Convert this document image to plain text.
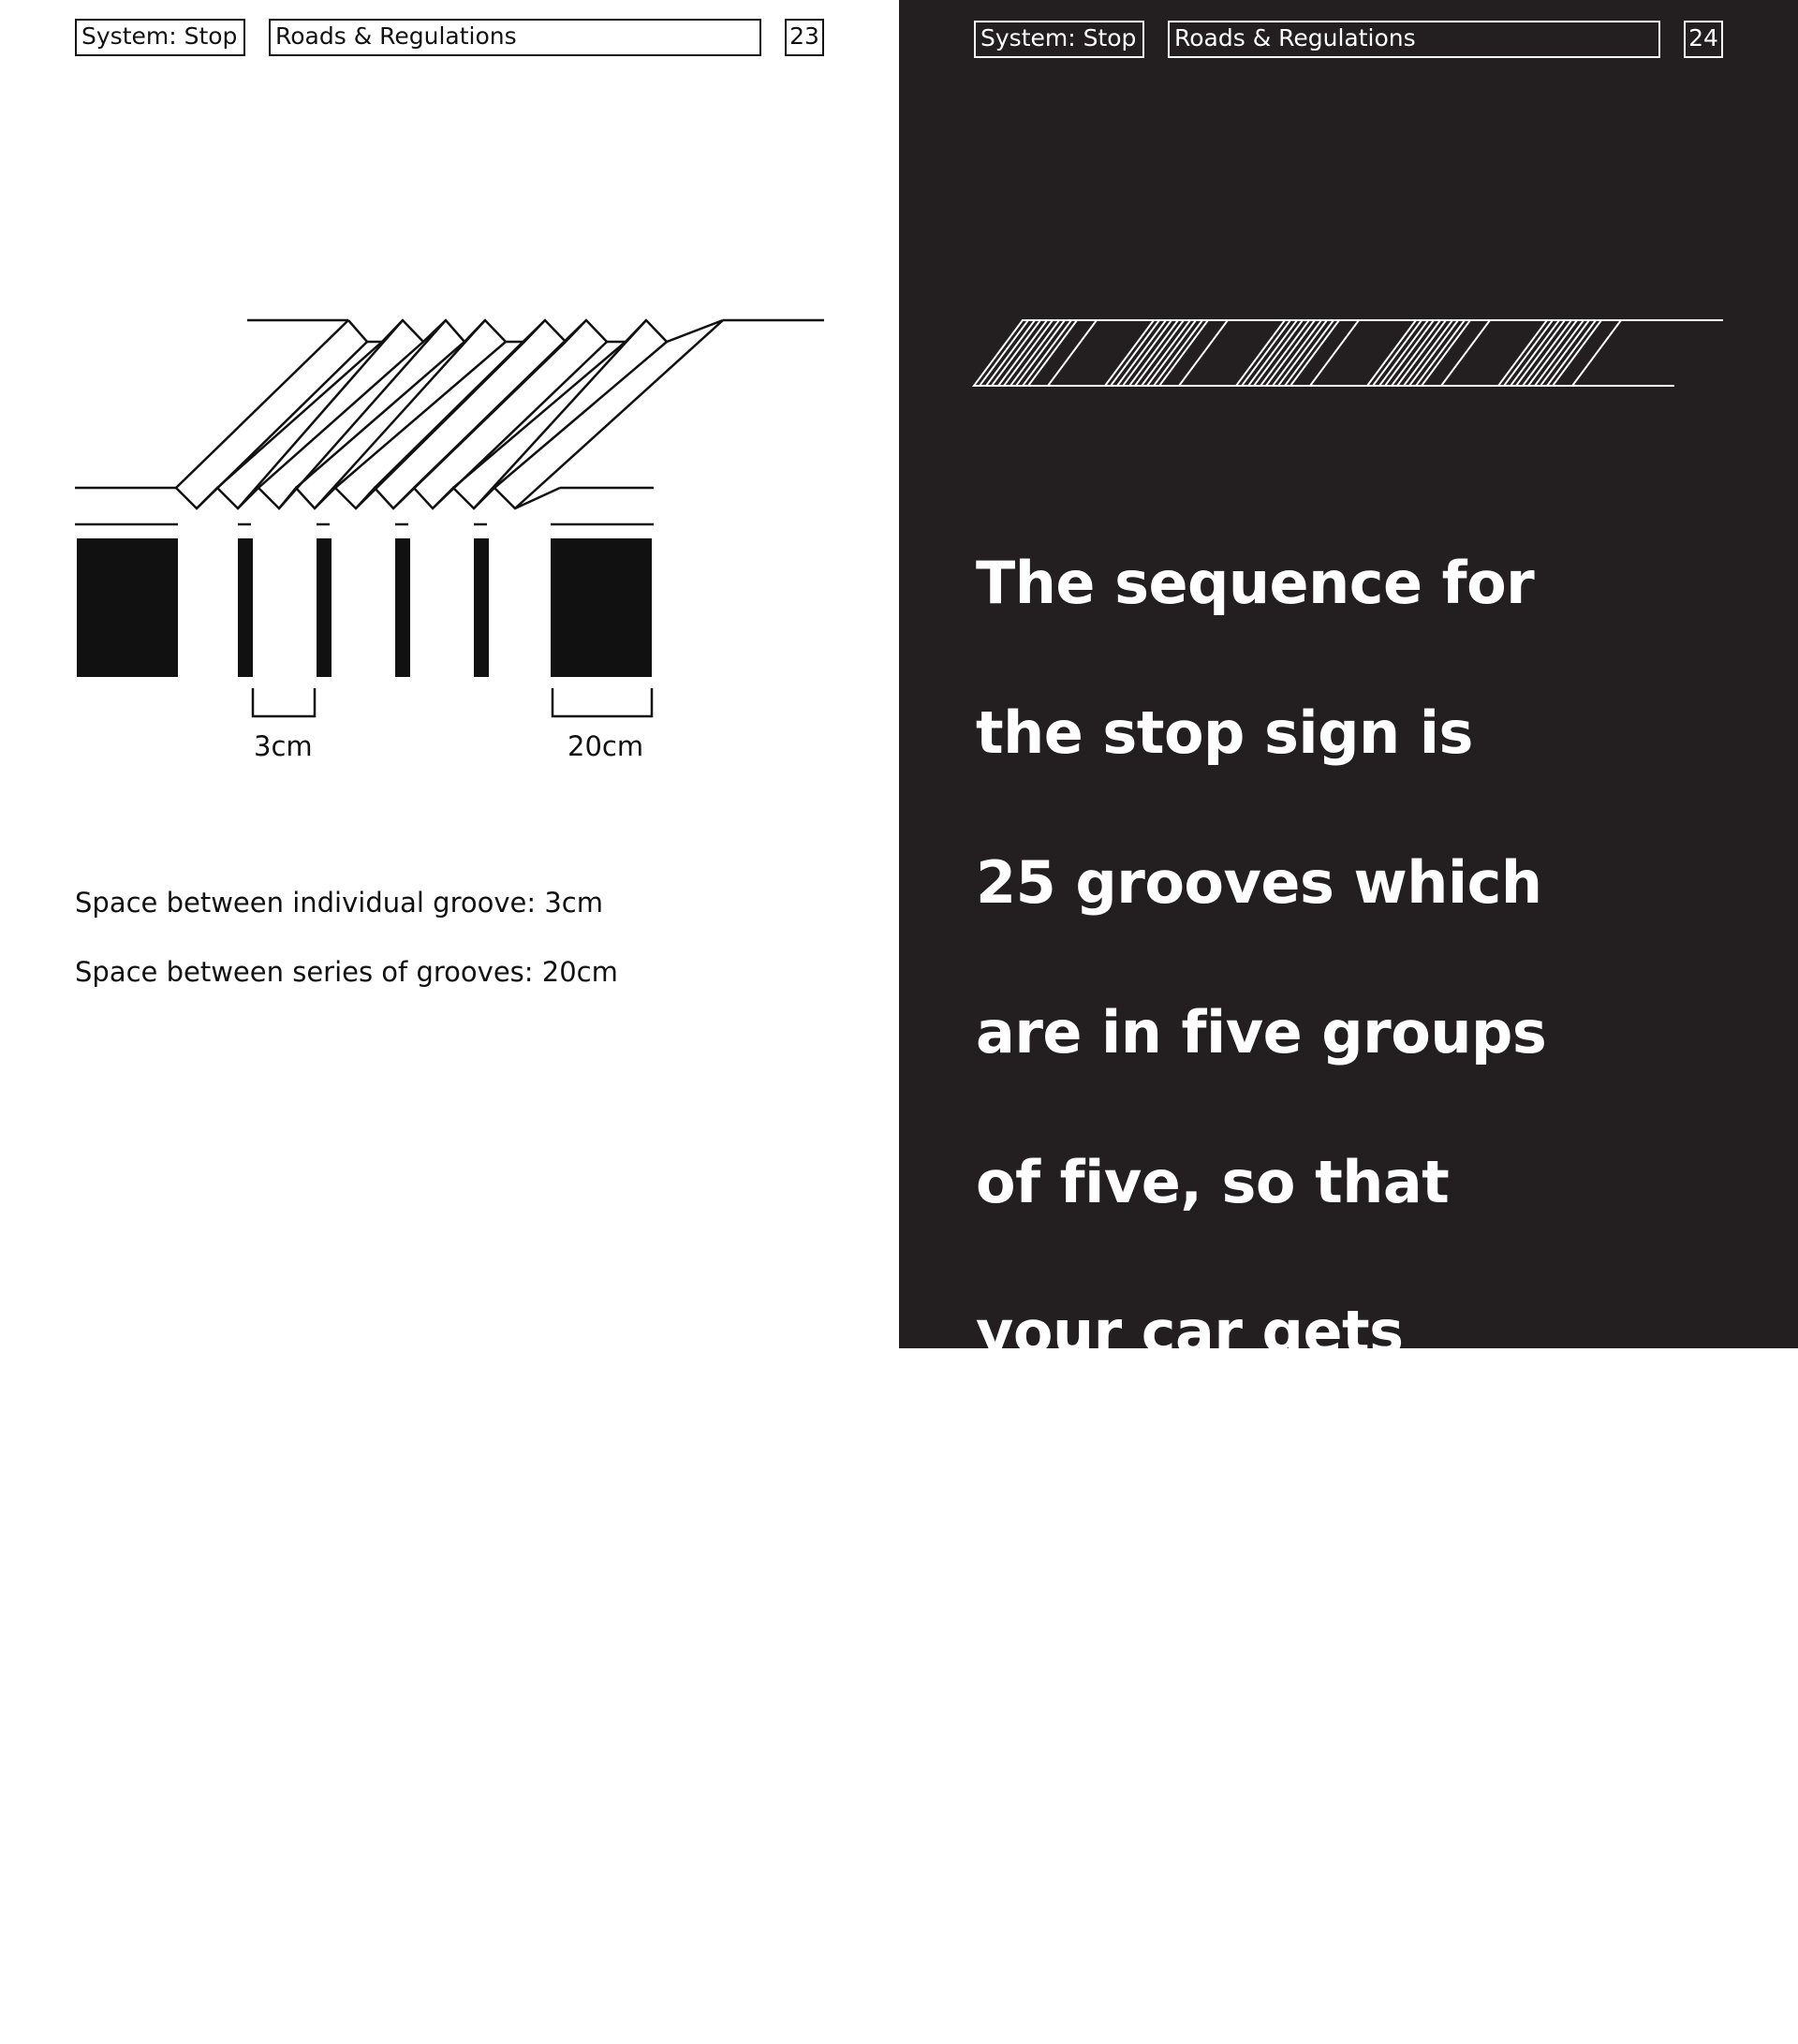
System: Stop	Roads & Regulations	23
3cm	20cm
Space between individual groove: 3cm
Space between series of grooves: 20cm
System: Stop	Roads & Regulations	24

The sequence for

the stop sign is

25 grooves which

are in five groups

of five, so that

your car gets

five vibrations

to indicate you

are about to hit

a stop sign.
